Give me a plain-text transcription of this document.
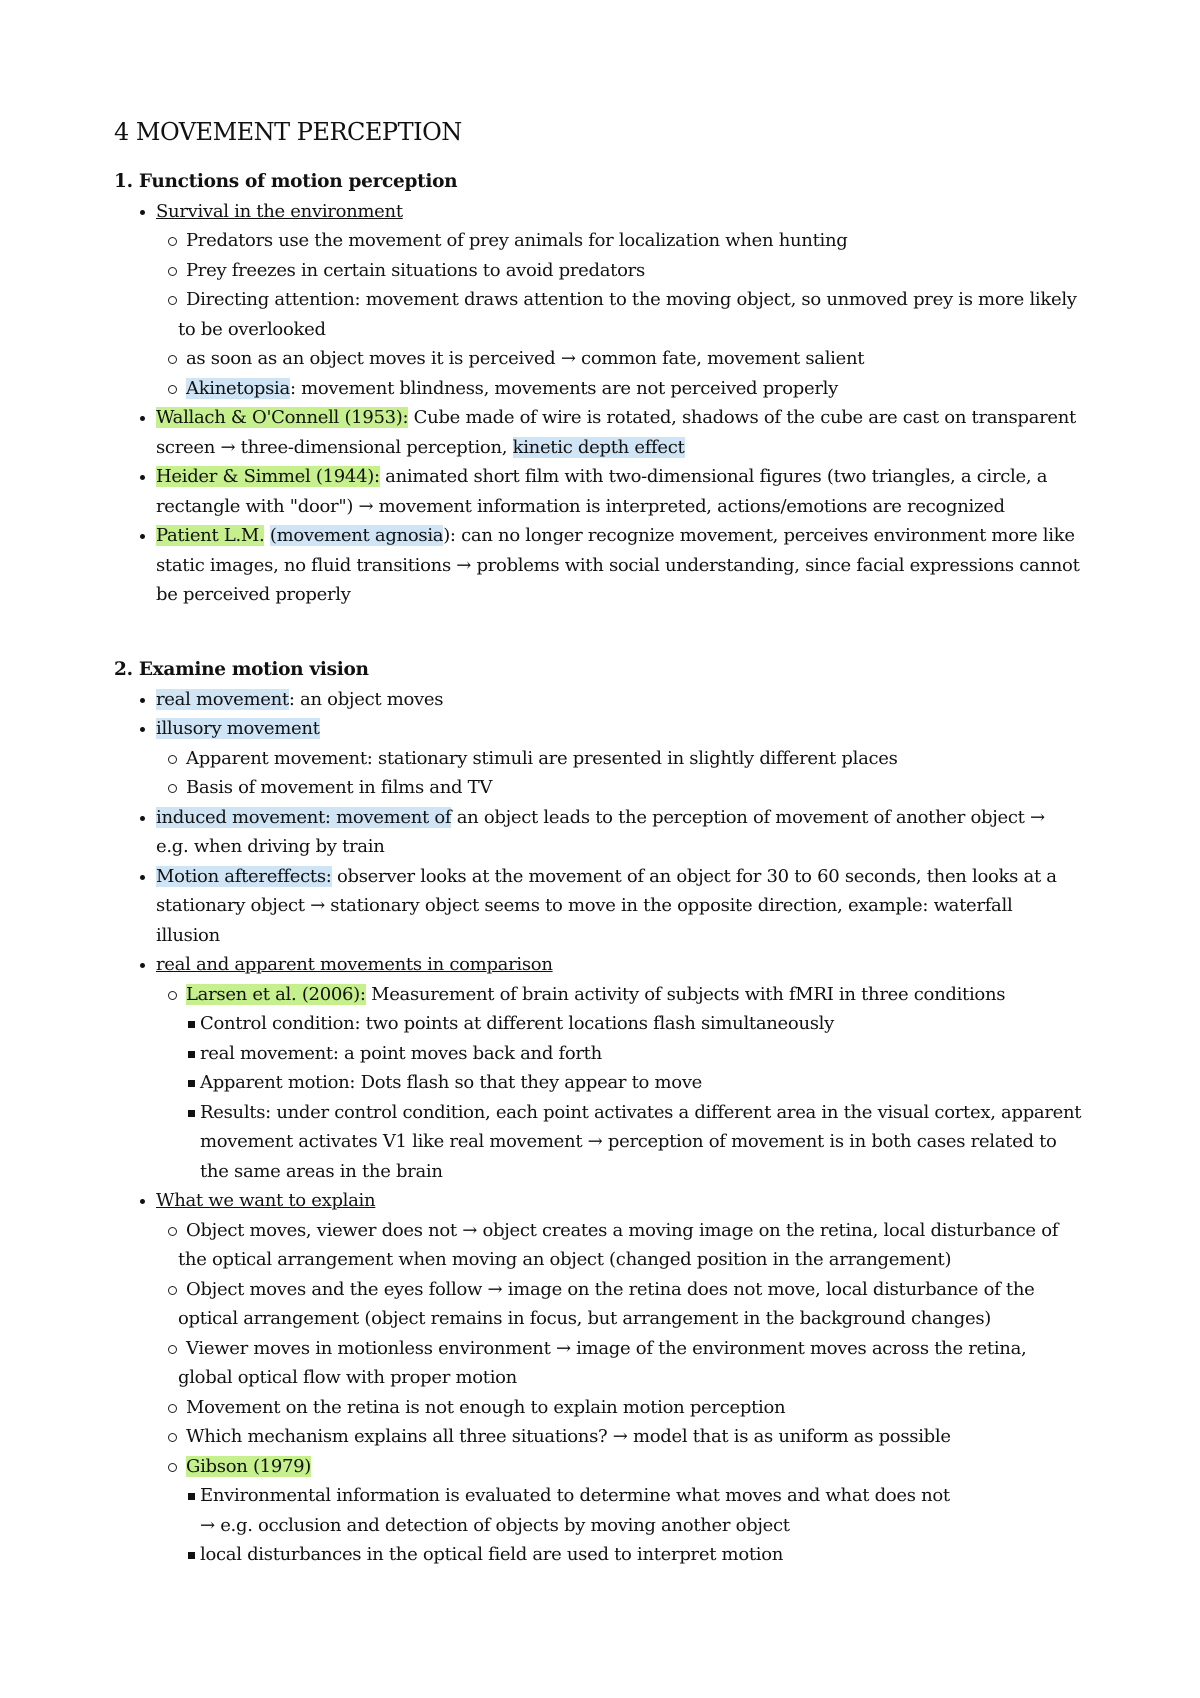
4 MOVEMENT PERCEPTION
1. Functions of motion perception
Survival in the environment
Predators use the movement of prey animals for localization when hunting
Prey freezes in certain situations to avoid predators
Directing attention: movement draws attention to the moving object, so unmoved prey is more likely
to be overlooked
as soon as an object moves it is perceived → common fate, movement salient
Akinetopsia: movement blindness, movements are not perceived properly
Wallach & O'Connell (1953): Cube made of wire is rotated, shadows of the cube are cast on transparent
screen → three-dimensional perception, kinetic depth effect
Heider & Simmel (1944): animated short film with two-dimensional figures (two triangles, a circle, a
rectangle with "door") → movement information is interpreted, actions/emotions are recognized
Patient L.M. (movement agnosia): can no longer recognize movement, perceives environment more like
static images, no fluid transitions → problems with social understanding, since facial expressions cannot
be perceived properly
2. Examine motion vision
real movement: an object moves
illusory movement
Apparent movement: stationary stimuli are presented in slightly different places
Basis of movement in films and TV
induced movement: movement of an object leads to the perception of movement of another object →
e.g. when driving by train
Motion aftereffects: observer looks at the movement of an object for 30 to 60 seconds, then looks at a
stationary object → stationary object seems to move in the opposite direction, example: waterfall
illusion
real and apparent movements in comparison
Larsen et al. (2006): Measurement of brain activity of subjects with fMRI in three conditions
Control condition: two points at different locations flash simultaneously
real movement: a point moves back and forth
Apparent motion: Dots flash so that they appear to move
Results: under control condition, each point activates a different area in the visual cortex, apparent
movement activates V1 like real movement → perception of movement is in both cases related to
the same areas in the brain
What we want to explain
Object moves, viewer does not → object creates a moving image on the retina, local disturbance of
the optical arrangement when moving an object (changed position in the arrangement)
Object moves and the eyes follow → image on the retina does not move, local disturbance of the
optical arrangement (object remains in focus, but arrangement in the background changes)
Viewer moves in motionless environment → image of the environment moves across the retina,
global optical flow with proper motion
Movement on the retina is not enough to explain motion perception
Which mechanism explains all three situations? → model that is as uniform as possible
Gibson (1979)
Environmental information is evaluated to determine what moves and what does not
→ e.g. occlusion and detection of objects by moving another object
local disturbances in the optical field are used to interpret motion
